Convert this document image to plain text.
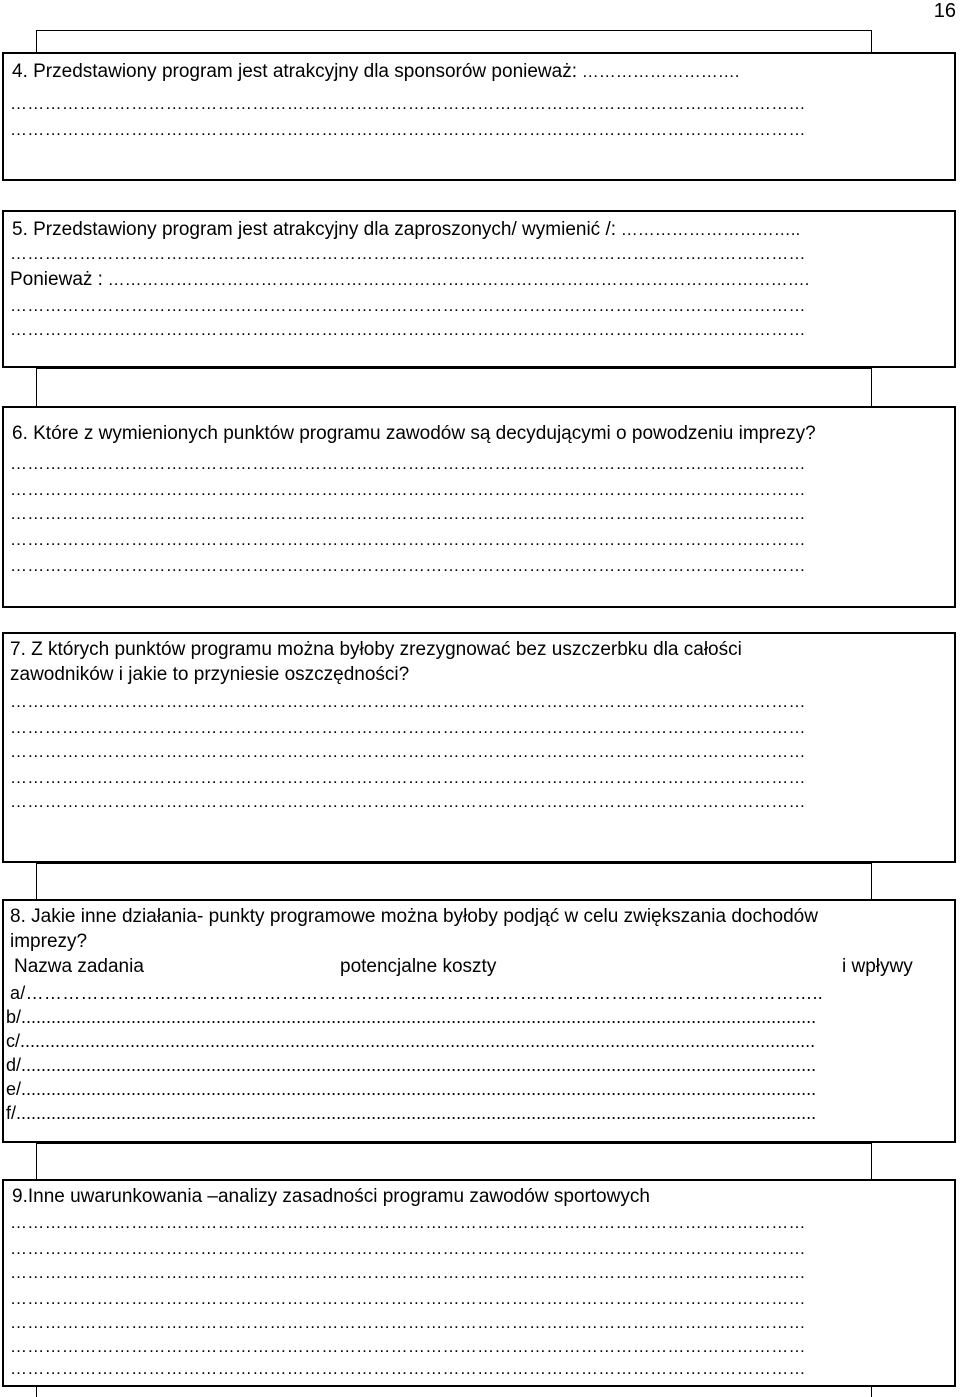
16
4. Przedstawiony program jest atrakcyjny dla sponsorów ponieważ: ……………………….
…………………………………………………………………………………………………………………………
…………………………………………………………………………………………………………………………
5. Przedstawiony program jest atrakcyjny dla zaproszonych/ wymienić /: …………………………..
…………………………………………………………………………………………………………………………
Ponieważ : …………………………………………………………………………………………………………….
…………………………………………………………………………………………………………………………
…………………………………………………………………………………………………………………………
6. Które z wymienionych punktów programu zawodów są decydującymi o powodzeniu imprezy?
…………………………………………………………………………………………………………………………
…………………………………………………………………………………………………………………………
…………………………………………………………………………………………………………………………
…………………………………………………………………………………………………………………………
…………………………………………………………………………………………………………………………
7. Z których punktów programu można byłoby zrezygnować bez uszczerbku dla całości
zawodników i jakie to przyniesie oszczędności?
…………………………………………………………………………………………………………………………
…………………………………………………………………………………………………………………………
…………………………………………………………………………………………………………………………
…………………………………………………………………………………………………………………………
…………………………………………………………………………………………………………………………
8. Jakie inne działania- punkty programowe można byłoby podjąć w celu zwiększania dochodów
imprezy?
Nazwa zadania	potencjalne koszty	i wpływy
a/…………………………………………………………………………………………………………………..
b/...............................................................................................................................................................
c/...............................................................................................................................................................
d/...............................................................................................................................................................
e/...............................................................................................................................................................
f/................................................................................................................................................................
9.Inne uwarunkowania –analizy zasadności programu zawodów sportowych
…………………………………………………………………………………………………………………………
…………………………………………………………………………………………………………………………
…………………………………………………………………………………………………………………………
…………………………………………………………………………………………………………………………
…………………………………………………………………………………………………………………………
…………………………………………………………………………………………………………………………
…………………………………………………………………………………………………………………………
